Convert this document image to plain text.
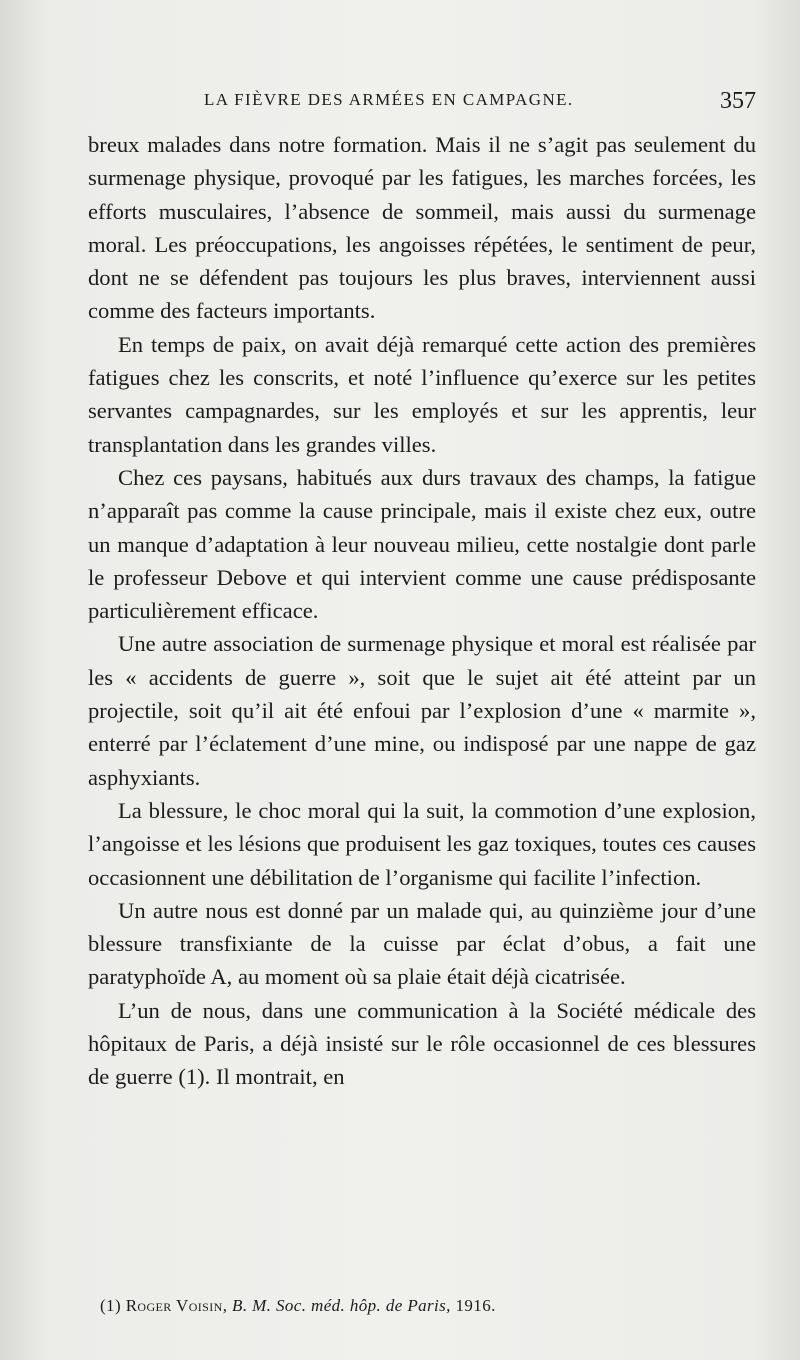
LA FIÈVRE DES ARMÉES EN CAMPAGNE.	357

breux malades dans notre formation. Mais il ne s’agit pas seulement du surmenage physique, provoqué par les fatigues, les marches forcées, les efforts musculaires, l’absence de sommeil, mais aussi du surmenage moral. Les préoccupations, les angoisses répétées, le sentiment de peur, dont ne se défendent pas toujours les plus braves, interviennent aussi comme des facteurs importants.

En temps de paix, on avait déjà remarqué cette action des premières fatigues chez les conscrits, et noté l’influence qu’exerce sur les petites servantes campagnardes, sur les employés et sur les apprentis, leur transplantation dans les grandes villes.

Chez ces paysans, habitués aux durs travaux des champs, la fatigue n’apparaît pas comme la cause principale, mais il existe chez eux, outre un manque d’adaptation à leur nouveau milieu, cette nostalgie dont parle le professeur Debove et qui intervient comme une cause prédisposante particulièrement efficace.

Une autre association de surmenage physique et moral est réalisée par les « accidents de guerre », soit que le sujet ait été atteint par un projectile, soit qu’il ait été enfoui par l’explosion d’une « marmite », enterré par l’éclatement d’une mine, ou indisposé par une nappe de gaz asphyxiants.

La blessure, le choc moral qui la suit, la commotion d’une explosion, l’angoisse et les lésions que produisent les gaz toxiques, toutes ces causes occasionnent une débilitation de l’organisme qui facilite l’infection.

Un autre nous est donné par un malade qui, au quinzième jour d’une blessure transfixiante de la cuisse par éclat d’obus, a fait une paratyphoïde A, au moment où sa plaie était déjà cicatrisée.

L’un de nous, dans une communication à la Société médicale des hôpitaux de Paris, a déjà insisté sur le rôle occasionnel de ces blessures de guerre (1). Il montrait, en

(1) Roger Voisin, B. M. Soc. méd. hôp. de Paris, 1916.
